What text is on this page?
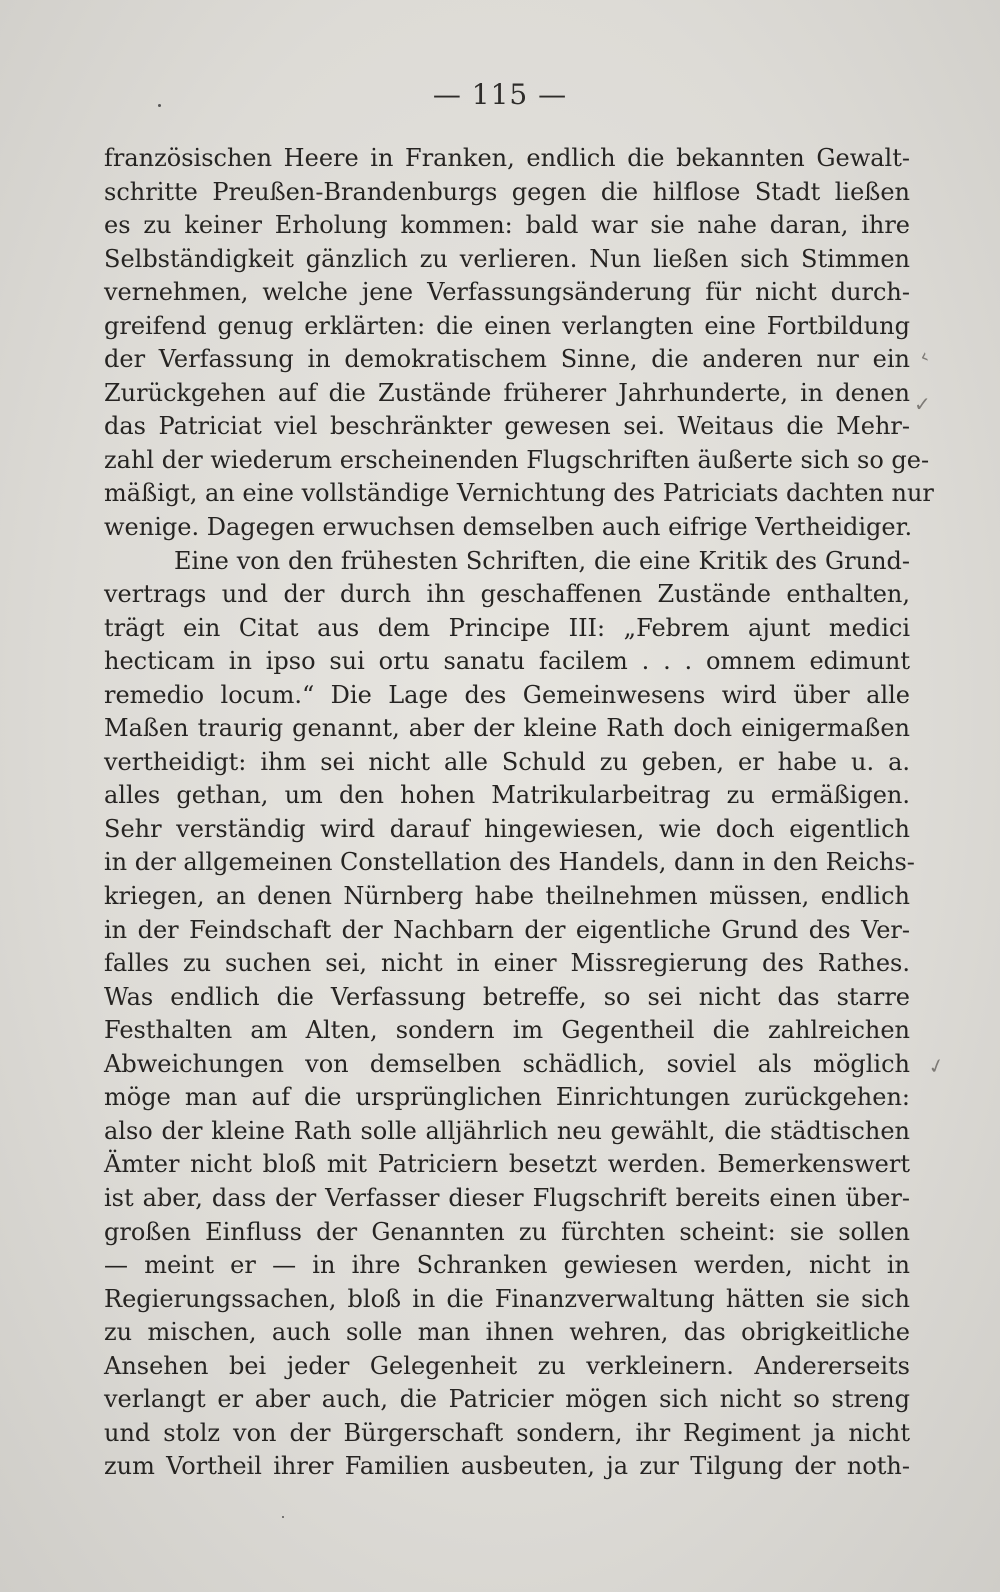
— 115 —
französischen Heere in Franken, endlich die bekannten Gewalt-
schritte Preußen-Brandenburgs gegen die hilflose Stadt ließen
es zu keiner Erholung kommen: bald war sie nahe daran, ihre
Selbständigkeit gänzlich zu verlieren. Nun ließen sich Stimmen
vernehmen, welche jene Verfassungsänderung für nicht durch-
greifend genug erklärten: die einen verlangten eine Fortbildung
der Verfassung in demokratischem Sinne, die anderen nur ein
Zurückgehen auf die Zustände früherer Jahrhunderte, in denen
das Patriciat viel beschränkter gewesen sei. Weitaus die Mehr-
zahl der wiederum erscheinenden Flugschriften äußerte sich so ge-
mäßigt, an eine vollständige Vernichtung des Patriciats dachten nur
wenige. Dagegen erwuchsen demselben auch eifrige Vertheidiger.
Eine von den frühesten Schriften, die eine Kritik des Grund-
vertrags und der durch ihn geschaffenen Zustände enthalten,
trägt ein Citat aus dem Principe III: „Febrem ajunt medici
hecticam in ipso sui ortu sanatu facilem . . . omnem edimunt
remedio locum.“ Die Lage des Gemeinwesens wird über alle
Maßen traurig genannt, aber der kleine Rath doch einigermaßen
vertheidigt: ihm sei nicht alle Schuld zu geben, er habe u. a.
alles gethan, um den hohen Matrikularbeitrag zu ermäßigen.
Sehr verständig wird darauf hingewiesen, wie doch eigentlich
in der allgemeinen Constellation des Handels, dann in den Reichs-
kriegen, an denen Nürnberg habe theilnehmen müssen, endlich
in der Feindschaft der Nachbarn der eigentliche Grund des Ver-
falles zu suchen sei, nicht in einer Missregierung des Rathes.
Was endlich die Verfassung betreffe, so sei nicht das starre
Festhalten am Alten, sondern im Gegentheil die zahlreichen
Abweichungen von demselben schädlich, soviel als möglich
möge man auf die ursprünglichen Einrichtungen zurückgehen:
also der kleine Rath solle alljährlich neu gewählt, die städtischen
Ämter nicht bloß mit Patriciern besetzt werden. Bemerkenswert
ist aber, dass der Verfasser dieser Flugschrift bereits einen über-
großen Einfluss der Genannten zu fürchten scheint: sie sollen
— meint er — in ihre Schranken gewiesen werden, nicht in
Regierungssachen, bloß in die Finanzverwaltung hätten sie sich
zu mischen, auch solle man ihnen wehren, das obrigkeitliche
Ansehen bei jeder Gelegenheit zu verkleinern. Andererseits
verlangt er aber auch, die Patricier mögen sich nicht so streng
und stolz von der Bürgerschaft sondern, ihr Regiment ja nicht
zum Vortheil ihrer Familien ausbeuten, ja zur Tilgung der noth-
‹
✓
✓
